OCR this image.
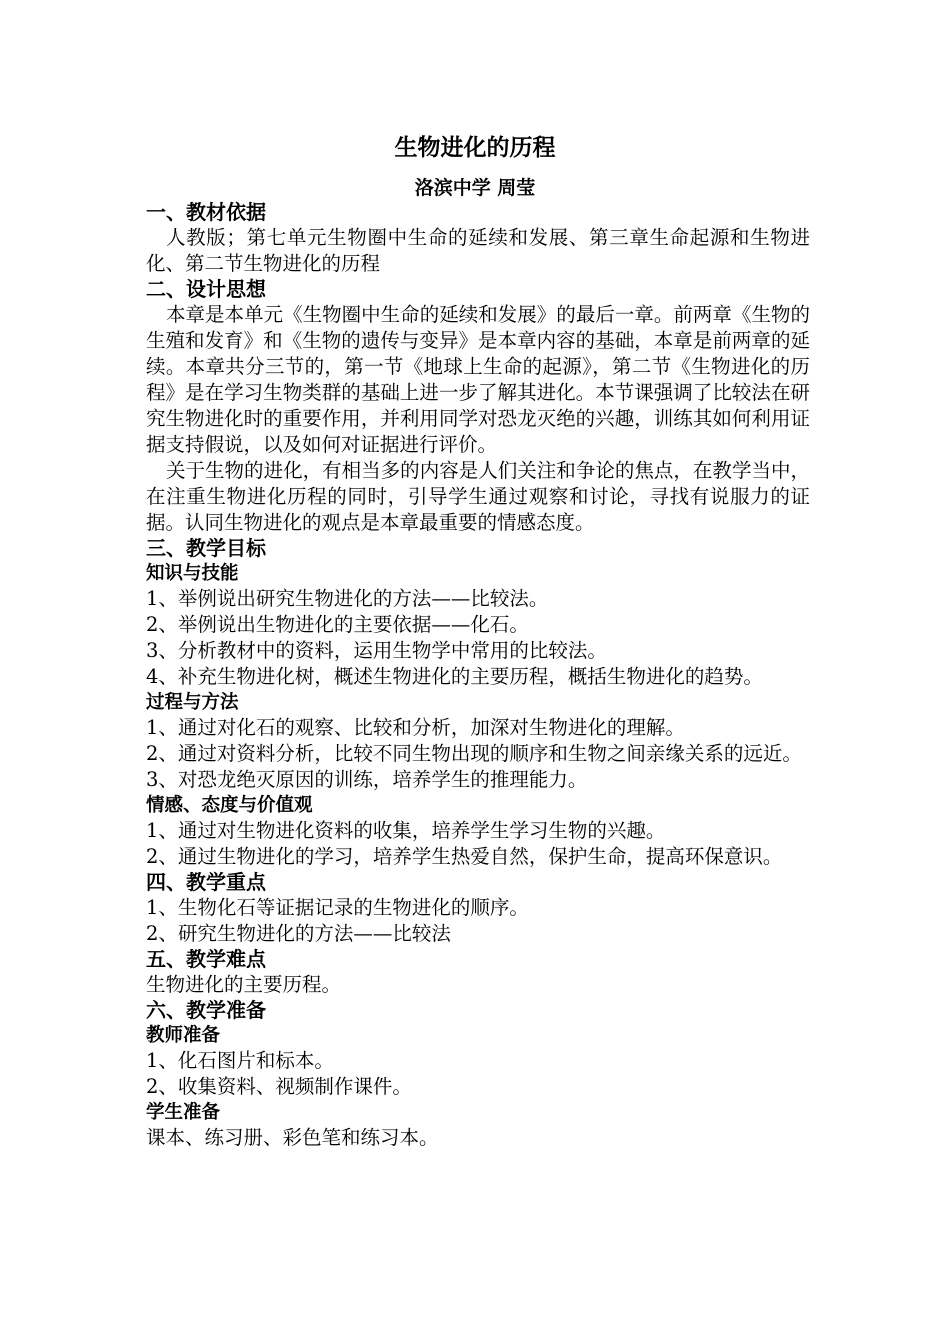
生物进化的历程
洛滨中学 周莹
一、教材依据

人教版；第七单元生物圈中生命的延续和发展、第三章生命起源和生物进化、第二节生物进化的历程

二、设计思想

本章是本单元《生物圈中生命的延续和发展》的最后一章。前两章《生物的生殖和发育》和《生物的遗传与变异》是本章内容的基础，本章是前两章的延续。本章共分三节的，第一节《地球上生命的起源》，第二节《生物进化的历程》是在学习生物类群的基础上进一步了解其进化。本节课强调了比较法在研究生物进化时的重要作用，并利用同学对恐龙灭绝的兴趣，训练其如何利用证据支持假说，以及如何对证据进行评价。

关于生物的进化，有相当多的内容是人们关注和争论的焦点，在教学当中，在注重生物进化历程的同时，引导学生通过观察和讨论，寻找有说服力的证据。认同生物进化的观点是本章最重要的情感态度。

三、教学目标
知识与技能

1、举例说出研究生物进化的方法——比较法。

2、举例说出生物进化的主要依据——化石。

3、分析教材中的资料，运用生物学中常用的比较法。

4、补充生物进化树，概述生物进化的主要历程，概括生物进化的趋势。

过程与方法

1、通过对化石的观察、比较和分析，加深对生物进化的理解。

2、通过对资料分析，比较不同生物出现的顺序和生物之间亲缘关系的远近。

3、对恐龙绝灭原因的训练，培养学生的推理能力。

情感、态度与价值观

1、通过对生物进化资料的收集，培养学生学习生物的兴趣。

2、通过生物进化的学习，培养学生热爱自然，保护生命，提高环保意识。

四、教学重点

1、生物化石等证据记录的生物进化的顺序。

2、研究生物进化的方法——比较法

五、教学难点

生物进化的主要历程。

六、教学准备
教师准备

1、化石图片和标本。

2、收集资料、视频制作课件。

学生准备

课本、练习册、彩色笔和练习本。
